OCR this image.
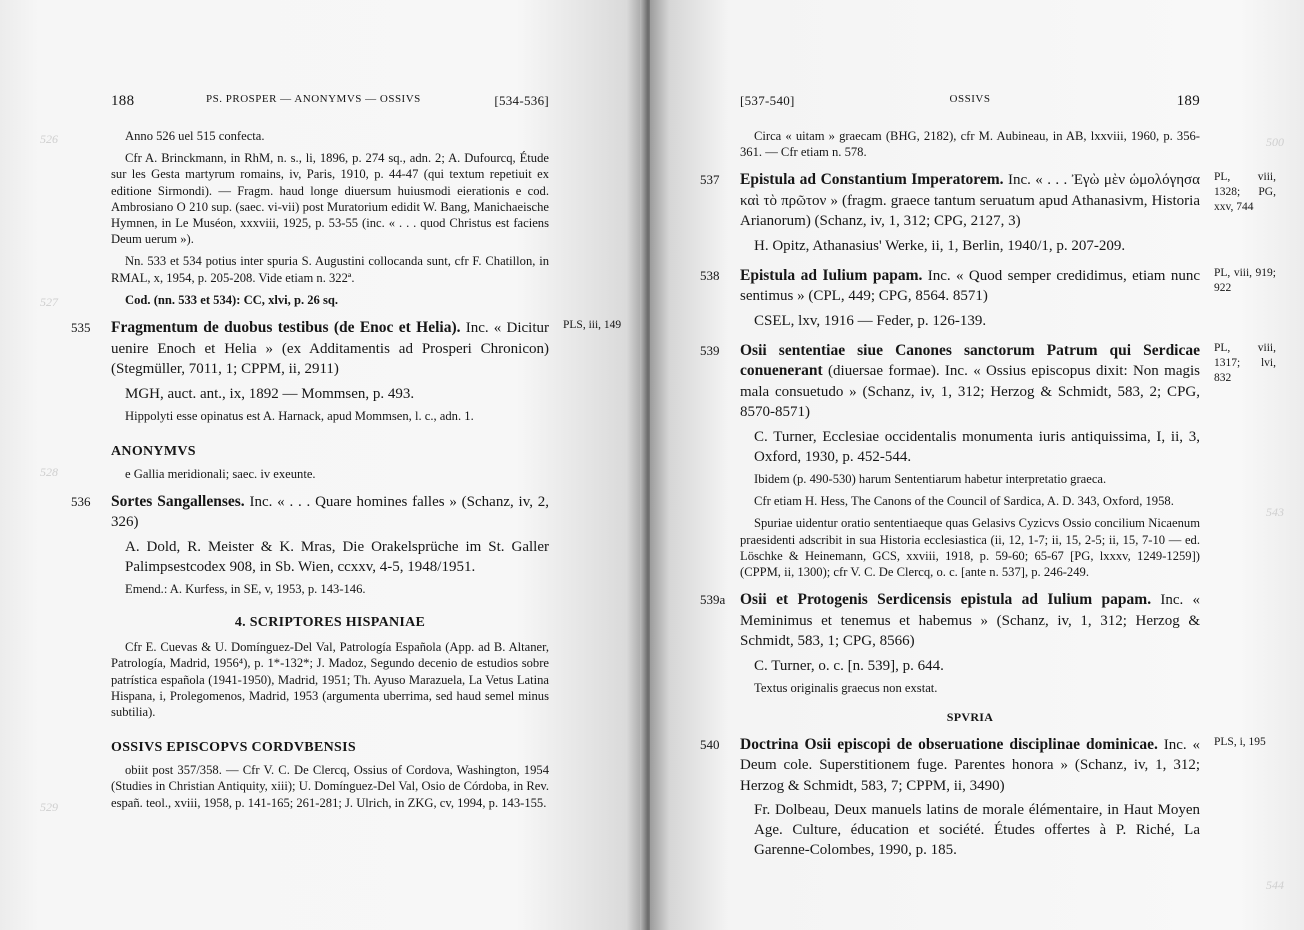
526
527
528
529
188	PS. PROSPER — ANONYMVS — OSSIVS	[534-536]

Anno 526 uel 515 confecta.

Cfr A. Brinckmann, in RhM, n. s., li, 1896, p. 274 sq., adn. 2; A. Dufourcq, Étude sur les Gesta martyrum romains, iv, Paris, 1910, p. 44-47 (qui textum repetiuit ex editione Sirmondi). — Fragm. haud longe diuersum huiusmodi eierationis e cod. Ambrosiano O 210 sup. (saec. vi-vii) post Muratorium edidit W. Bang, Manichaeische Hymnen, in Le Muséon, xxxviii, 1925, p. 53-55 (inc. « . . . quod Christus est faciens Deum uerum »).

Nn. 533 et 534 potius inter spuria S. Augustini collocanda sunt, cfr F. Chatillon, in RMAL, x, 1954, p. 205-208. Vide etiam n. 322ª.

Cod. (nn. 533 et 534): CC, xlvi, p. 26 sq.

535 Fragmentum de duobus testibus (de Enoc et Helia). Inc. « Dicitur uenire Enoch et Helia » (ex Additamentis ad Prosperi Chronicon) (Stegmüller, 7011, 1; CPPM, ii, 2911)
PLS, iii, 149

MGH, auct. ant., ix, 1892 — Mommsen, p. 493.

Hippolyti esse opinatus est A. Harnack, apud Mommsen, l. c., adn. 1.

ANONYMVS

e Gallia meridionali; saec. iv exeunte.

536 Sortes Sangallenses. Inc. « . . . Quare homines falles » (Schanz, iv, 2, 326)

A. Dold, R. Meister & K. Mras, Die Orakelsprüche im St. Galler Palimpsestcodex 908, in Sb. Wien, ccxxv, 4-5, 1948/1951.

Emend.: A. Kurfess, in SE, v, 1953, p. 143-146.

4. SCRIPTORES HISPANIAE

Cfr E. Cuevas & U. Domínguez-Del Val, Patrología Española (App. ad B. Altaner, Patrología, Madrid, 1956⁴), p. 1*-132*; J. Madoz, Segundo decenio de estudios sobre patrística española (1941-1950), Madrid, 1951; Th. Ayuso Marazuela, La Vetus Latina Hispana, i, Prolegomenos, Madrid, 1953 (argumenta uberrima, sed haud semel minus subtilia).

OSSIVS EPISCOPVS CORDVBENSIS

obiit post 357/358. — Cfr V. C. De Clercq, Ossius of Cordova, Washington, 1954 (Studies in Christian Antiquity, xiii); U. Domínguez-Del Val, Osio de Córdoba, in Rev. españ. teol., xviii, 1958, p. 141-165; 261-281; J. Ulrich, in ZKG, cv, 1994, p. 143-155.

500
543
544
[537-540]	OSSIVS	189

Circa « uitam » graecam (BHG, 2182), cfr M. Aubineau, in AB, lxxviii, 1960, p. 356-361. — Cfr etiam n. 578.

537 Epistula ad Constantium Imperatorem. Inc. « . . . Ἐγὼ μὲν ὡμολόγησα καὶ τὸ πρῶτον » (fragm. graece tantum seruatum apud Athanasivm, Historia Arianorum) (Schanz, iv, 1, 312; CPG, 2127, 3)
PL, viii, 1328; PG, xxv, 744

H. Opitz, Athanasius' Werke, ii, 1, Berlin, 1940/1, p. 207-209.

538 Epistula ad Iulium papam. Inc. « Quod semper credidimus, etiam nunc sentimus » (CPL, 449; CPG, 8564. 8571)
PL, viii, 919; 922

CSEL, lxv, 1916 — Feder, p. 126-139.

539 Osii sententiae siue Canones sanctorum Patrum qui Serdicae conuenerant (diuersae formae). Inc. « Ossius episcopus dixit: Non magis mala consuetudo » (Schanz, iv, 1, 312; Herzog & Schmidt, 583, 2; CPG, 8570-8571)
PL, viii, 1317; lvi, 832

C. Turner, Ecclesiae occidentalis monumenta iuris antiquissima, I, ii, 3, Oxford, 1930, p. 452-544.

Ibidem (p. 490-530) harum Sententiarum habetur interpretatio graeca.

Cfr etiam H. Hess, The Canons of the Council of Sardica, A. D. 343, Oxford, 1958.

Spuriae uidentur oratio sententiaeque quas Gelasivs Cyzicvs Ossio concilium Nicaenum praesidenti adscribit in sua Historia ecclesiastica (ii, 12, 1-7; ii, 15, 2-5; ii, 15, 7-10 — ed. Löschke & Heinemann, GCS, xxviii, 1918, p. 59-60; 65-67 [PG, lxxxv, 1249-1259]) (CPPM, ii, 1300); cfr V. C. De Clercq, o. c. [ante n. 537], p. 246-249.

539a Osii et Protogenis Serdicensis epistula ad Iulium papam. Inc. « Meminimus et tenemus et habemus » (Schanz, iv, 1, 312; Herzog & Schmidt, 583, 1; CPG, 8566)

C. Turner, o. c. [n. 539], p. 644.

Textus originalis graecus non exstat.

SPVRIA
540 Doctrina Osii episcopi de obseruatione disciplinae dominicae. Inc. « Deum cole. Superstitionem fuge. Parentes honora » (Schanz, iv, 1, 312; Herzog & Schmidt, 583, 7; CPPM, ii, 3490)
PLS, i, 195

Fr. Dolbeau, Deux manuels latins de morale élémentaire, in Haut Moyen Age. Culture, éducation et société. Études offertes à P. Riché, La Garenne-Colombes, 1990, p. 185.
